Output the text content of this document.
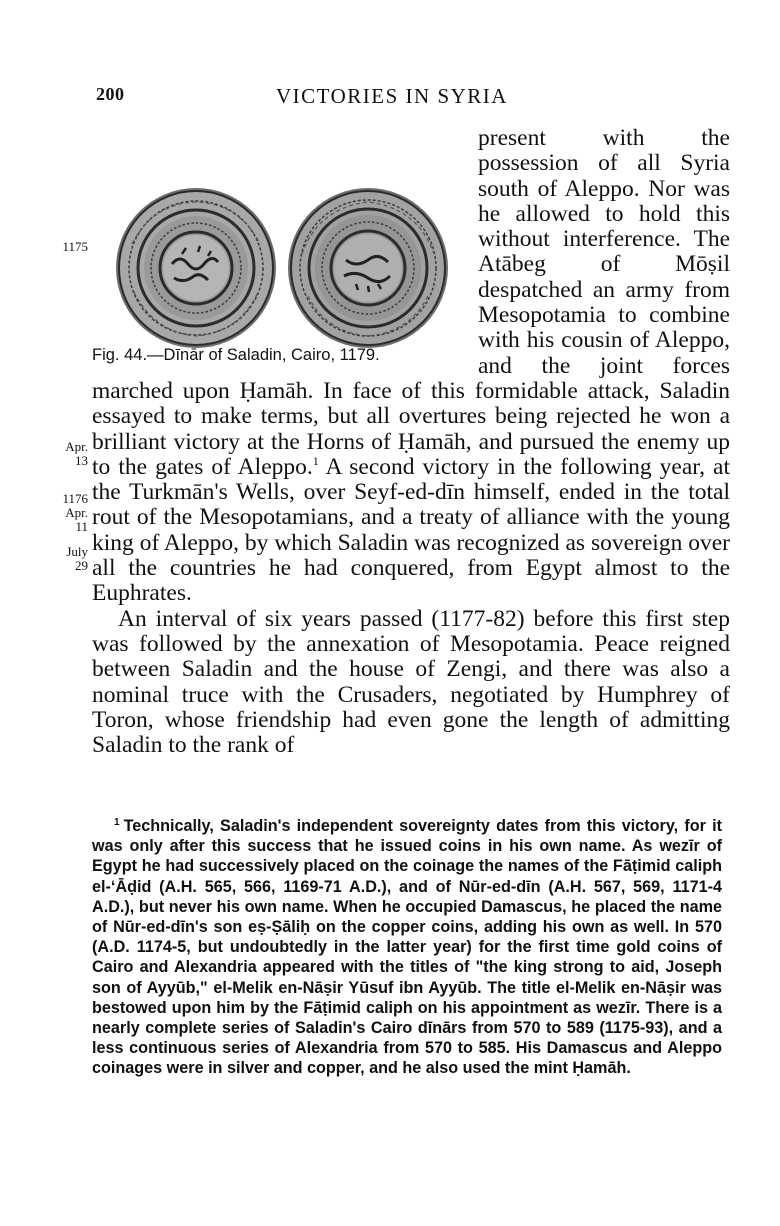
200	VICTORIES IN SYRIA
1175
Apr.
13
1176
Apr.
11
July
29

Fig. 44.—Dīnār of Saladin, Cairo, 1179.
present with the possession of all Syria south of Aleppo. Nor was he allowed to hold this without interference. The Atābeg of Mōṣil despatched an army from Mesopotamia to combine with his cousin of Aleppo, and the joint forces marched upon Ḥamāh. In face of this formidable attack, Saladin essayed to make terms, but all overtures being rejected he won a brilliant victory at the Horns of Ḥamāh, and pursued the enemy up to the gates of Aleppo.$^1$ A second victory in the following year, at the Turkmān's Wells, over Seyf-ed-dīn himself, ended in the total rout of the Mesopotamians, and a treaty of alliance with the young king of Aleppo, by which Saladin was recognized as sovereign over all the countries he had conquered, from Egypt almost to the Euphrates.

An interval of six years passed (1177-82) before this first step was followed by the annexation of Mesopotamia. Peace reigned between Saladin and the house of Zengi, and there was also a nominal truce with the Crusaders, negotiated by Humphrey of Toron, whose friendship had even gone the length of admitting Saladin to the rank of

$^1$ Technically, Saladin's independent sovereignty dates from this victory, for it was only after this success that he issued coins in his own name. As wezīr of Egypt he had successively placed on the coinage the names of the Fāṭimid caliph el-‘Āḍid (A.H. 565, 566, 1169-71 A.D.), and of Nūr-ed-dīn (A.H. 567, 569, 1171-4 A.D.), but never his own name. When he occupied Damascus, he placed the name of Nūr-ed-dīn's son eṣ-Ṣāliḥ on the copper coins, adding his own as well. In 570 (A.D. 1174-5, but undoubtedly in the latter year) for the first time gold coins of Cairo and Alexandria appeared with the titles of "the king strong to aid, Joseph son of Ayyūb," el-Melik en-Nāṣir Yūsuf ibn Ayyūb. The title el-Melik en-Nāṣir was bestowed upon him by the Fāṭimid caliph on his appointment as wezīr. There is a nearly complete series of Saladin's Cairo dīnārs from 570 to 589 (1175-93), and a less continuous series of Alexandria from 570 to 585. His Damascus and Aleppo coinages were in silver and copper, and he also used the mint Ḥamāh.
